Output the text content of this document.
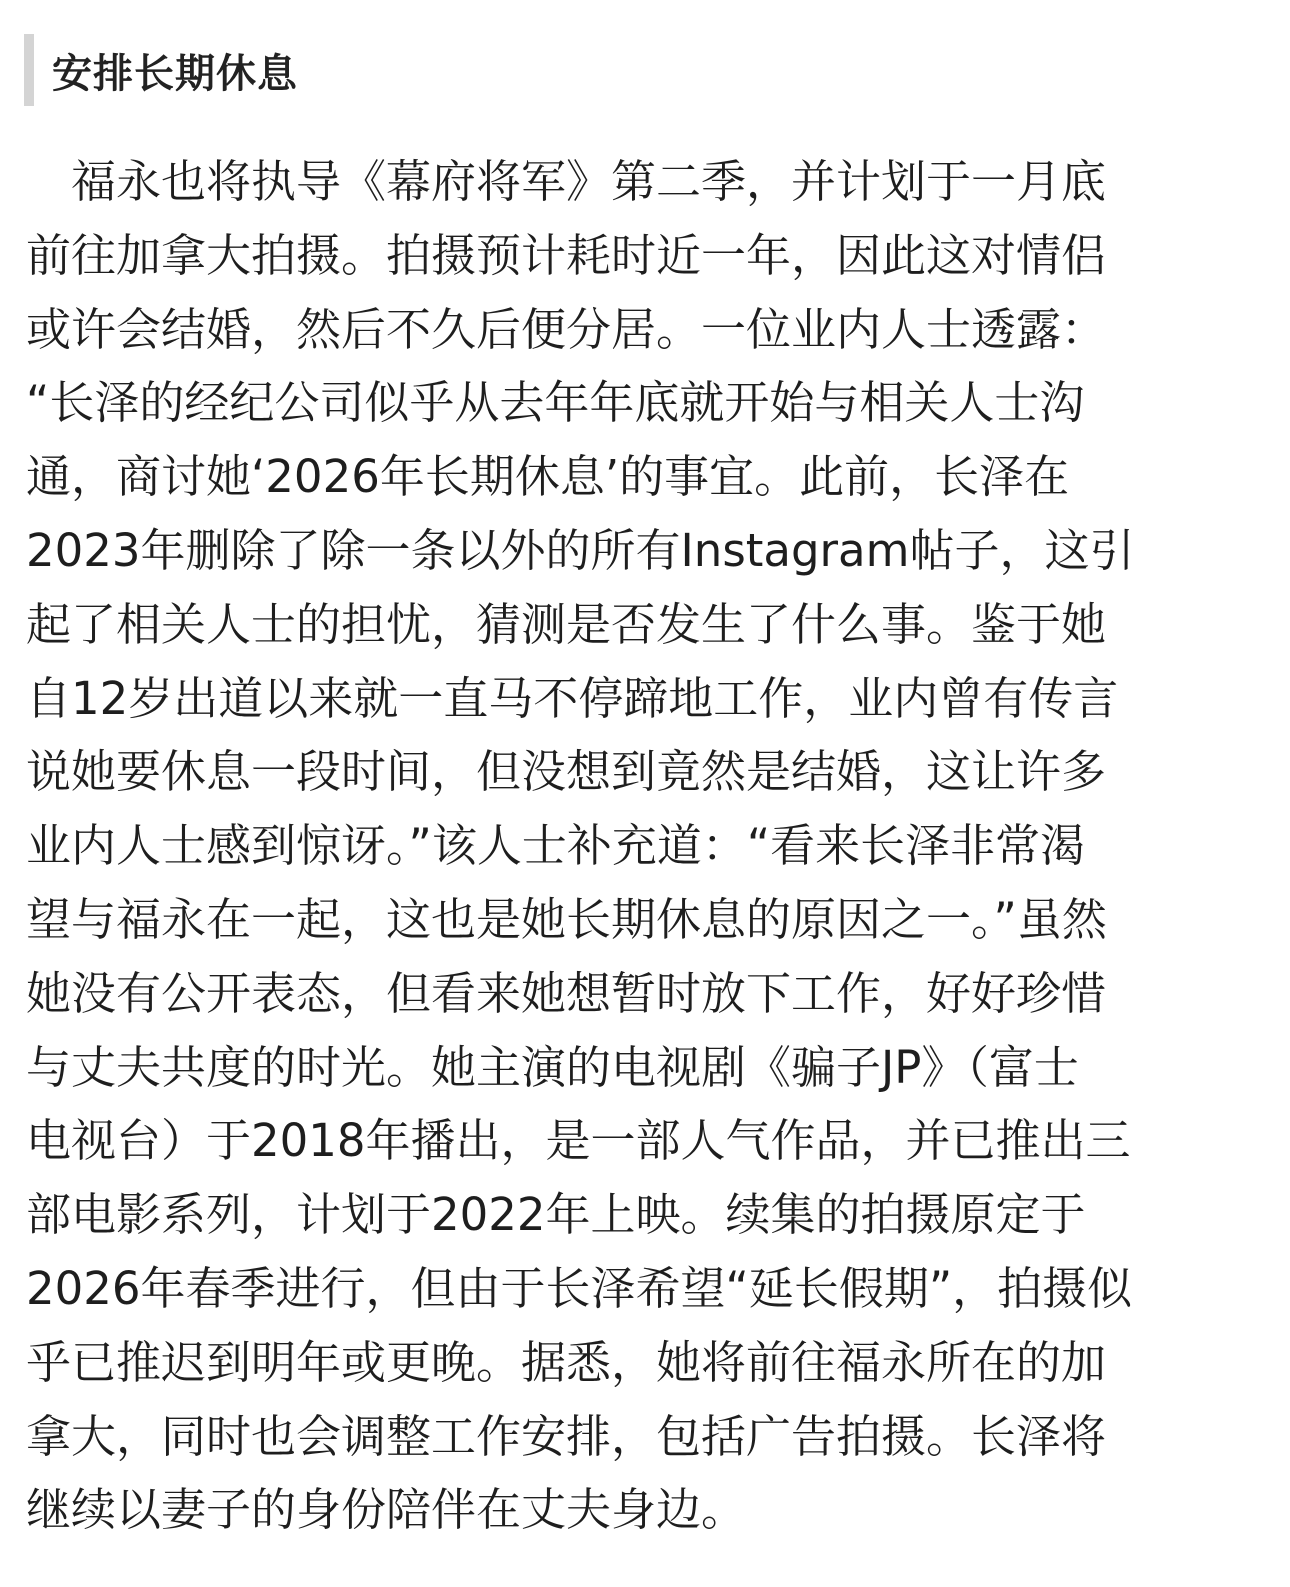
安排长期休息
　福永也将执导《幕府将军》第二季，并计划于一月底
前往加拿大拍摄。拍摄预计耗时近一年，因此这对情侣
或许会结婚，然后不久后便分居。一位业内人士透露：
“长泽的经纪公司似乎从去年年底就开始与相关人士沟
通，商讨她‘2026年长期休息’的事宜。此前，长泽在
2023年删除了除一条以外的所有Instagram帖子，这引
起了相关人士的担忧，猜测是否发生了什么事。鉴于她
自12岁出道以来就一直马不停蹄地工作，业内曾有传言
说她要休息一段时间，但没想到竟然是结婚，这让许多
业内人士感到惊讶。”该人士补充道：“看来长泽非常渴
望与福永在一起，这也是她长期休息的原因之一。”虽然
她没有公开表态，但看来她想暂时放下工作，好好珍惜
与丈夫共度的时光。她主演的电视剧《骗子JP》（富士
电视台）于2018年播出，是一部人气作品，并已推出三
部电影系列，计划于2022年上映。续集的拍摄原定于
2026年春季进行，但由于长泽希望“延长假期”，拍摄似
乎已推迟到明年或更晚。据悉，她将前往福永所在的加
拿大，同时也会调整工作安排，包括广告拍摄。长泽将
继续以妻子的身份陪伴在丈夫身边。
